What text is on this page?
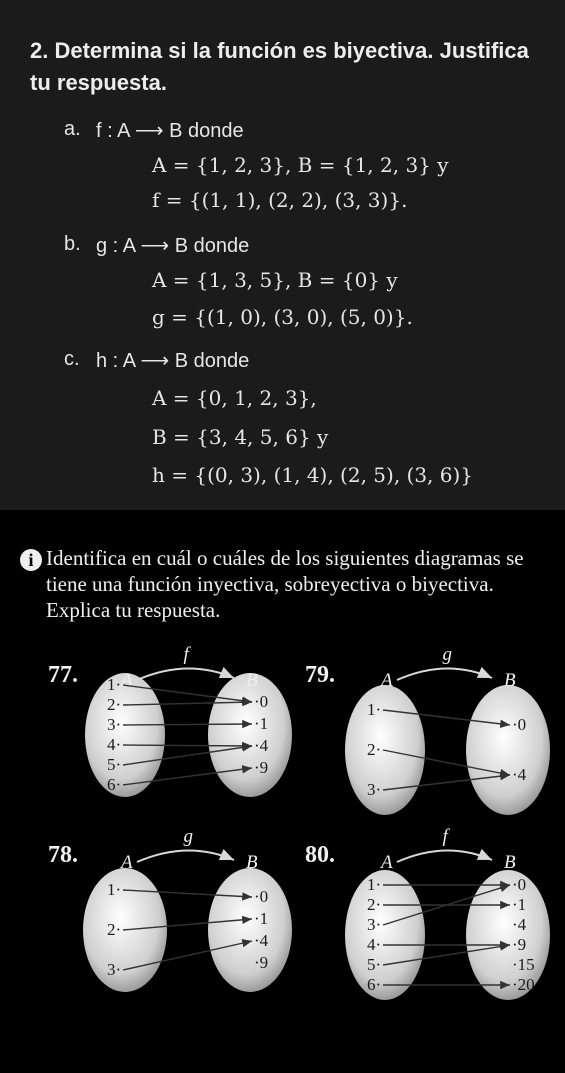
2. Determina si la función es biyectiva. Justifica tu respuesta.
a. f : A ⟶ B donde
A = {1, 2, 3}, B = {1, 2, 3} y
f = {(1, 1), (2, 2), (3, 3)}.
b. g : A ⟶ B donde
A = {1, 3, 5}, B = {0} y
g = {(1, 0), (3, 0), (5, 0)}.
c. h : A ⟶ B donde
A = {0, 1, 2, 3},
B = {3, 4, 5, 6} y
h = {(0, 3), (1, 4), (2, 5), (3, 6)}
i Identifica en cuál o cuáles de los siguientes diagramas se tiene una función inyectiva, sobreyectiva o biyectiva. Explica tu respuesta.
77.
78.
79.
80.
A	B
f
1·
2·
3·
4·
5·
6·
·0
·1
·4
·9
A	B
g
1·
2·
3·
·0
·1
·4
·9
A	B
g
1·
2·
3·
·0
·4
A	B
f
1·
2·
3·
4·
5·
6·
·0
·1
·4
·9
·15
·20
